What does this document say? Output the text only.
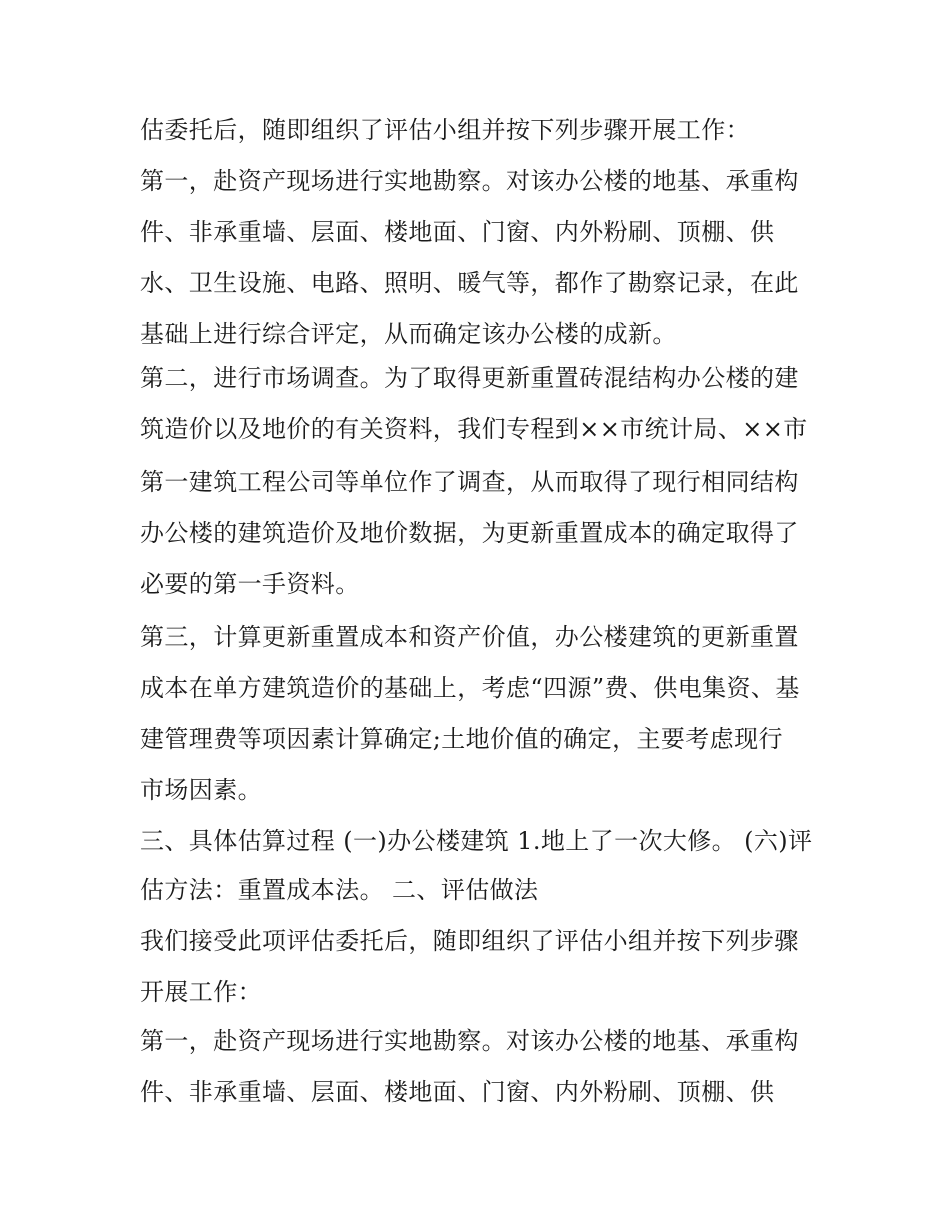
估委托后，随即组织了评估小组并按下列步骤开展工作：
第一，赴资产现场进行实地勘察。对该办公楼的地基、承重构
件、非承重墙、层面、楼地面、门窗、内外粉刷、顶棚、供
水、卫生设施、电路、照明、暖气等，都作了勘察记录，在此
基础上进行综合评定，从而确定该办公楼的成新。
第二，进行市场调查。为了取得更新重置砖混结构办公楼的建
筑造价以及地价的有关资料，我们专程到××市统计局、××市
第一建筑工程公司等单位作了调查，从而取得了现行相同结构
办公楼的建筑造价及地价数据，为更新重置成本的确定取得了
必要的第一手资料。
第三，计算更新重置成本和资产价值，办公楼建筑的更新重置
成本在单方建筑造价的基础上，考虑“四源”费、供电集资、基
建管理费等项因素计算确定;土地价值的确定，主要考虑现行
市场因素。
三、具体估算过程 (一)办公楼建筑 1.地上了一次大修。 (六)评
估方法：重置成本法。 二、评估做法
我们接受此项评估委托后，随即组织了评估小组并按下列步骤
开展工作：
第一，赴资产现场进行实地勘察。对该办公楼的地基、承重构
件、非承重墙、层面、楼地面、门窗、内外粉刷、顶棚、供
